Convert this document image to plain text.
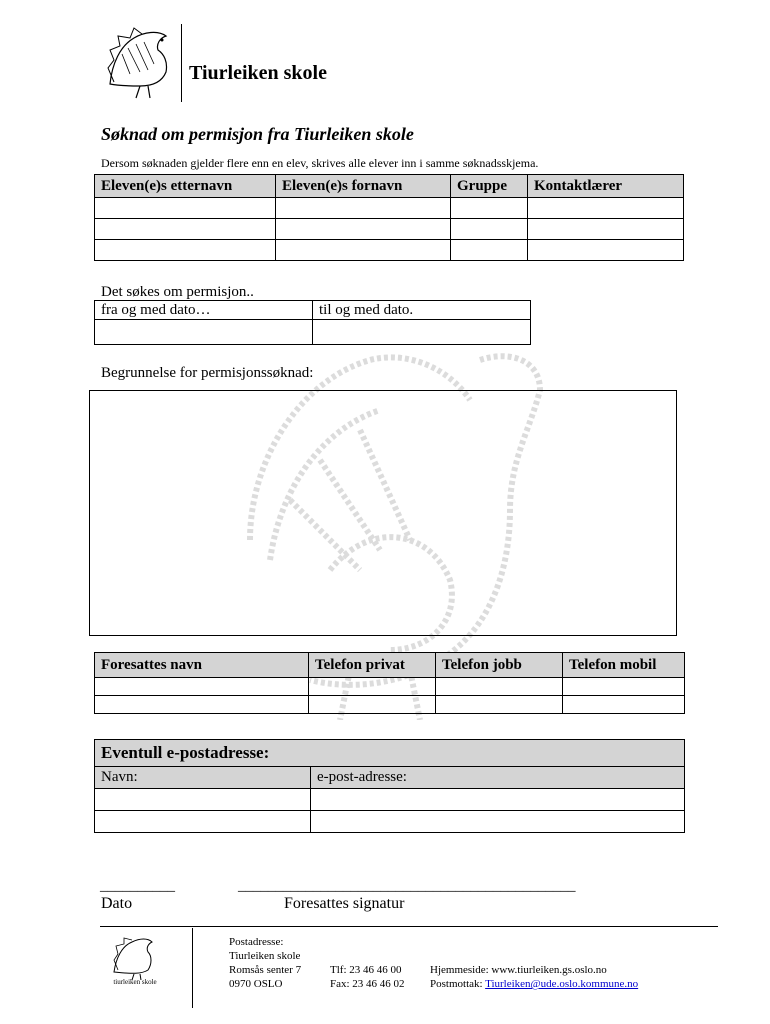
Tiurleiken skole
Søknad om permisjon fra Tiurleiken skole
Dersom søknaden gjelder flere enn en elev, skrives alle elever inn i samme søknadsskjema.
Eleven(e)s etternavn	Eleven(e)s fornavn	Gruppe	Kontaktlærer

Det søkes om permisjon..
fra og med dato…	til og med dato.

Begrunnelse for permisjonssøknad:
Foresattes navn	Telefon privat	Telefon jobb	Telefon mobil

Eventull e-postadresse:	
Navn:	e-post-adresse:

__________	_____________________________________________
Dato	Foresattes signatur
tiurleiken skole
Postadresse:
Tiurleiken skole
Romsås senter 7
0970 OSLO
Tlf: 23 46 46 00
Fax: 23 46 46 02
Hjemmeside: www.tiurleiken.gs.oslo.no
Postmottak: Tiurleiken@ude.oslo.kommune.no
